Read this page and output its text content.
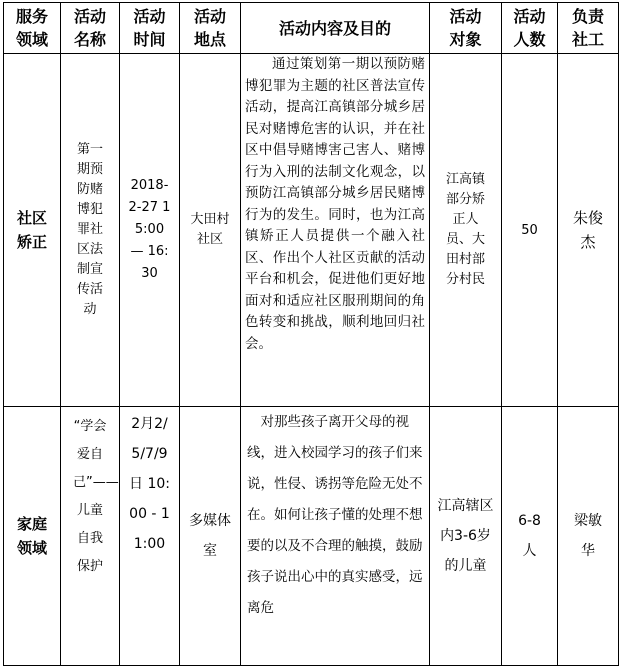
服务领域	活动名称	活动时间	活动地点	活动内容及目的	活动对象	活动人数	负责社工

社区矫正	第一期预防赌博犯罪社区法制宣传活动	2018-2-27 15:00 — 16:30	大田村社区	通过策划第一期以预防赌博犯罪为主题的社区普法宣传活动，提高江高镇部分城乡居民对赌博危害的认识，并在社区中倡导赌博害己害人、赌博行为入刑的法制文化观念，以预防江高镇部分城乡居民赌博行为的发生。同时，也为江高镇矫正人员提供一个融入社区、作出个人社区贡献的活动平台和机会，促进他们更好地面对和适应社区服刑期间的角色转变和挑战，顺利地回归社会。	江高镇部分矫正人员、大田村部分村民	50	朱俊杰

家庭领域	“学会爱自己”——儿童自我保护	2月2/5/7/9日 10:00 - 11:00	多媒体室	对那些孩子离开父母的视线，进入校园学习的孩子们来说，性侵、诱拐等危险无处不在。如何让孩子懂的处理不想要的以及不合理的触摸，鼓励孩子说出心中的真实感受，远离危	江高辖区内3-6岁的儿童	6-8人	梁敏华
